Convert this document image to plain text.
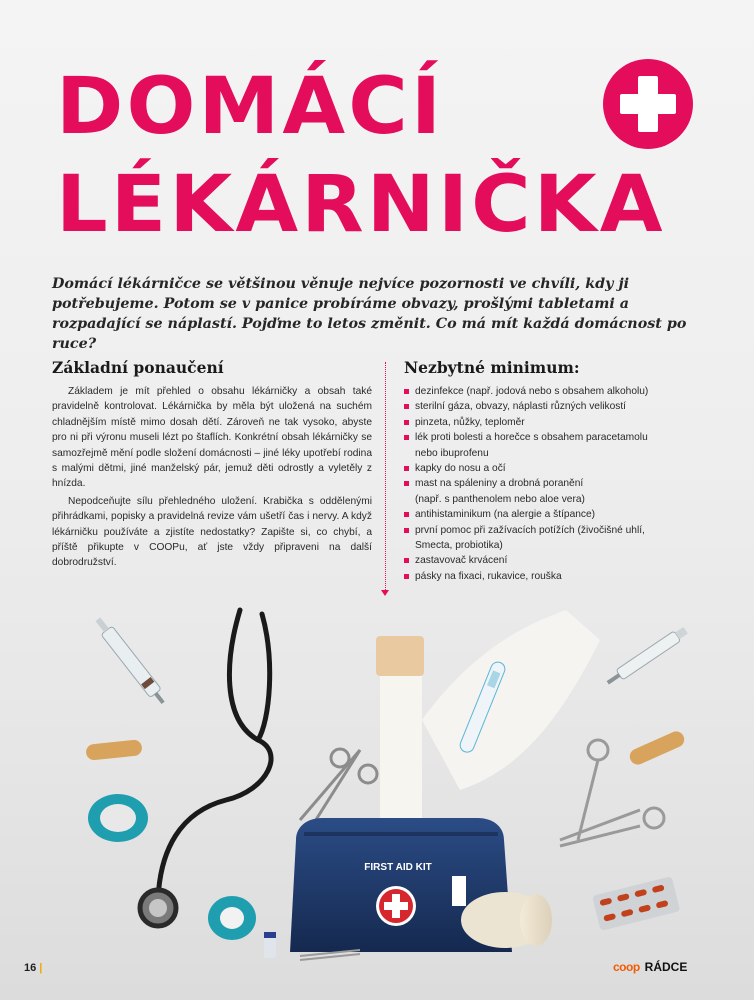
DOMÁCÍ
LÉKÁRNIČKA

Domácí lékárničce se většinou věnuje nejvíce pozornosti ve chvíli, kdy ji potřebujeme. Potom se v panice probíráme obvazy, prošlými tabletami a rozpadající se náplastí. Pojďme to letos změnit. Co má mít každá domácnost po ruce?

Základní ponaučení

Základem je mít přehled o obsahu lékárničky a obsah také pravidelně kontrolovat. Lékárnička by měla být uložená na suchém chladnějším místě mimo dosah dětí. Zároveň ne tak vysoko, abyste pro ni při výronu museli lézt po štaflích. Konkrétní obsah lékárničky se samozřejmě mění podle složení domácnosti – jiné léky upotřebí rodina s malými dětmi, jiné manželský pár, jemuž děti odrostly a vyletěly z hnízda.

Nepodceňujte sílu přehledného uložení. Krabička s oddělenými přihrádkami, popisky a pravidelná revize vám ušetří čas i nervy. A když lékárničku používáte a zjistíte nedostatky? Zapište si, co chybí, a příště přikupte v COOPu, ať jste vždy připraveni na další dobrodružství.

Nezbytné minimum:
dezinfekce (např. jodová nebo s obsahem alkoholu)
sterilní gáza, obvazy, náplasti různých velikostí
pinzeta, nůžky, teploměr
lék proti bolesti a horečce s obsahem paracetamolu
nebo ibuprofenu
kapky do nosu a očí
mast na spáleniny a drobná poranění
(např. s panthenolem nebo aloe vera)
antihistaminikum (na alergie a štípance)
první pomoc při zažívacích potížích (živočišné uhlí,
Smecta, probiotika)
zastavovač krvácení
pásky na fixaci, rukavice, rouška
FIRST AID KIT
16 |	coop RÁDCE
